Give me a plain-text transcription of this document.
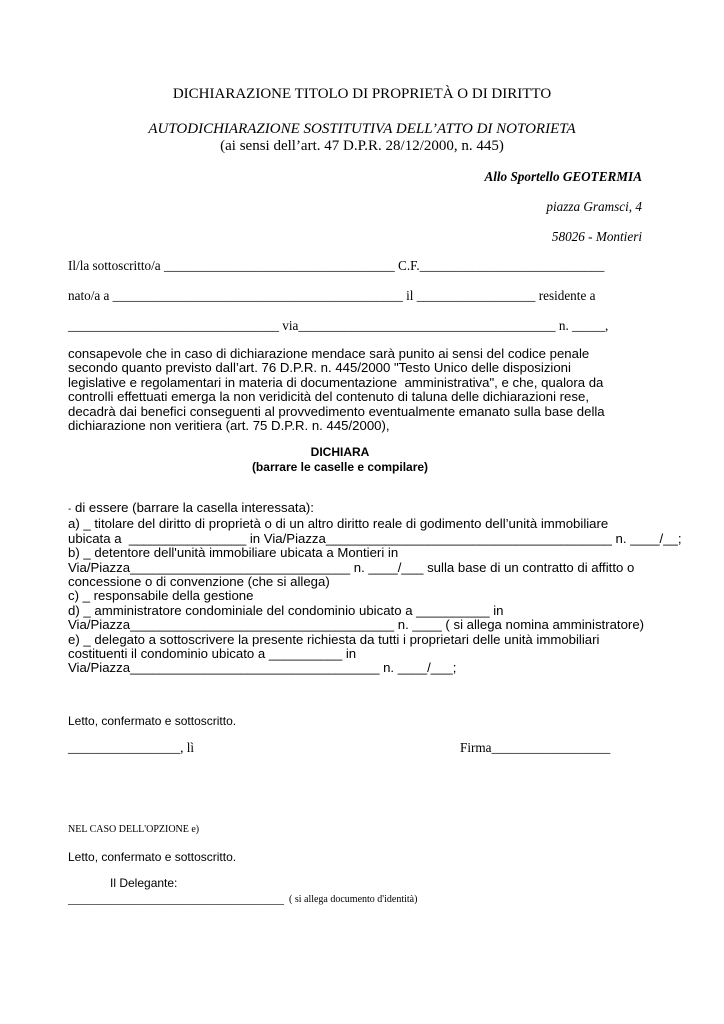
DICHIARAZIONE TITOLO DI PROPRIETÀ O DI DIRITTO
AUTODICHIARAZIONE SOSTITUTIVA DELL’ATTO DI NOTORIETA
(ai sensi dell’art. 47 D.P.R. 28/12/2000, n. 445)
Allo Sportello GEOTERMIA
piazza Gramsci, 4
58026 - Montieri
Il/la sottoscritto/a ___________________________________ C.F.____________________________
nato/a a ____________________________________________ il __________________ residente a
________________________________ via_______________________________________ n. _____,
consapevole che in caso di dichiarazione mendace sarà punito ai sensi del codice penale
secondo quanto previsto dall’art. 76 D.P.R. n. 445/2000 "Testo Unico delle disposizioni
legislative e regolamentari in materia di documentazione  amministrativa", e che, qualora da
controlli effettuati emerga la non veridicità del contenuto di taluna delle dichiarazioni rese,
decadrà dai benefici conseguenti al provvedimento eventualmente emanato sulla base della
dichiarazione non veritiera (art. 75 D.P.R. n. 445/2000),
DICHIARA
(barrare le caselle e compilare)
- di essere (barrare la casella interessata):
a) _ titolare del diritto di proprietà o di un altro diritto reale di godimento dell’unità immobiliare
ubicata a  ________________ in Via/Piazza_______________________________________ n. ____/__;
b) _ detentore dell'unità immobiliare ubicata a Montieri in
Via/Piazza______________________________ n. ____/___ sulla base di un contratto di affitto o
concessione o di convenzione (che si allega)
c) _ responsabile della gestione
d) _ amministratore condominiale del condominio ubicato a __________ in
Via/Piazza____________________________________ n. ____ ( si allega nomina amministratore)
e) _ delegato a sottoscrivere la presente richiesta da tutti i proprietari delle unità immobiliari
costituenti il condominio ubicato a __________ in
Via/Piazza__________________________________ n. ____/___;
Letto, confermato e sottoscritto.
_________________, lì	Firma__________________
NEL CASO DELL'OPZIONE e)
Letto, confermato e sottoscritto.
Il Delegante:
____________________________________ ( si allega documento d'identità)
